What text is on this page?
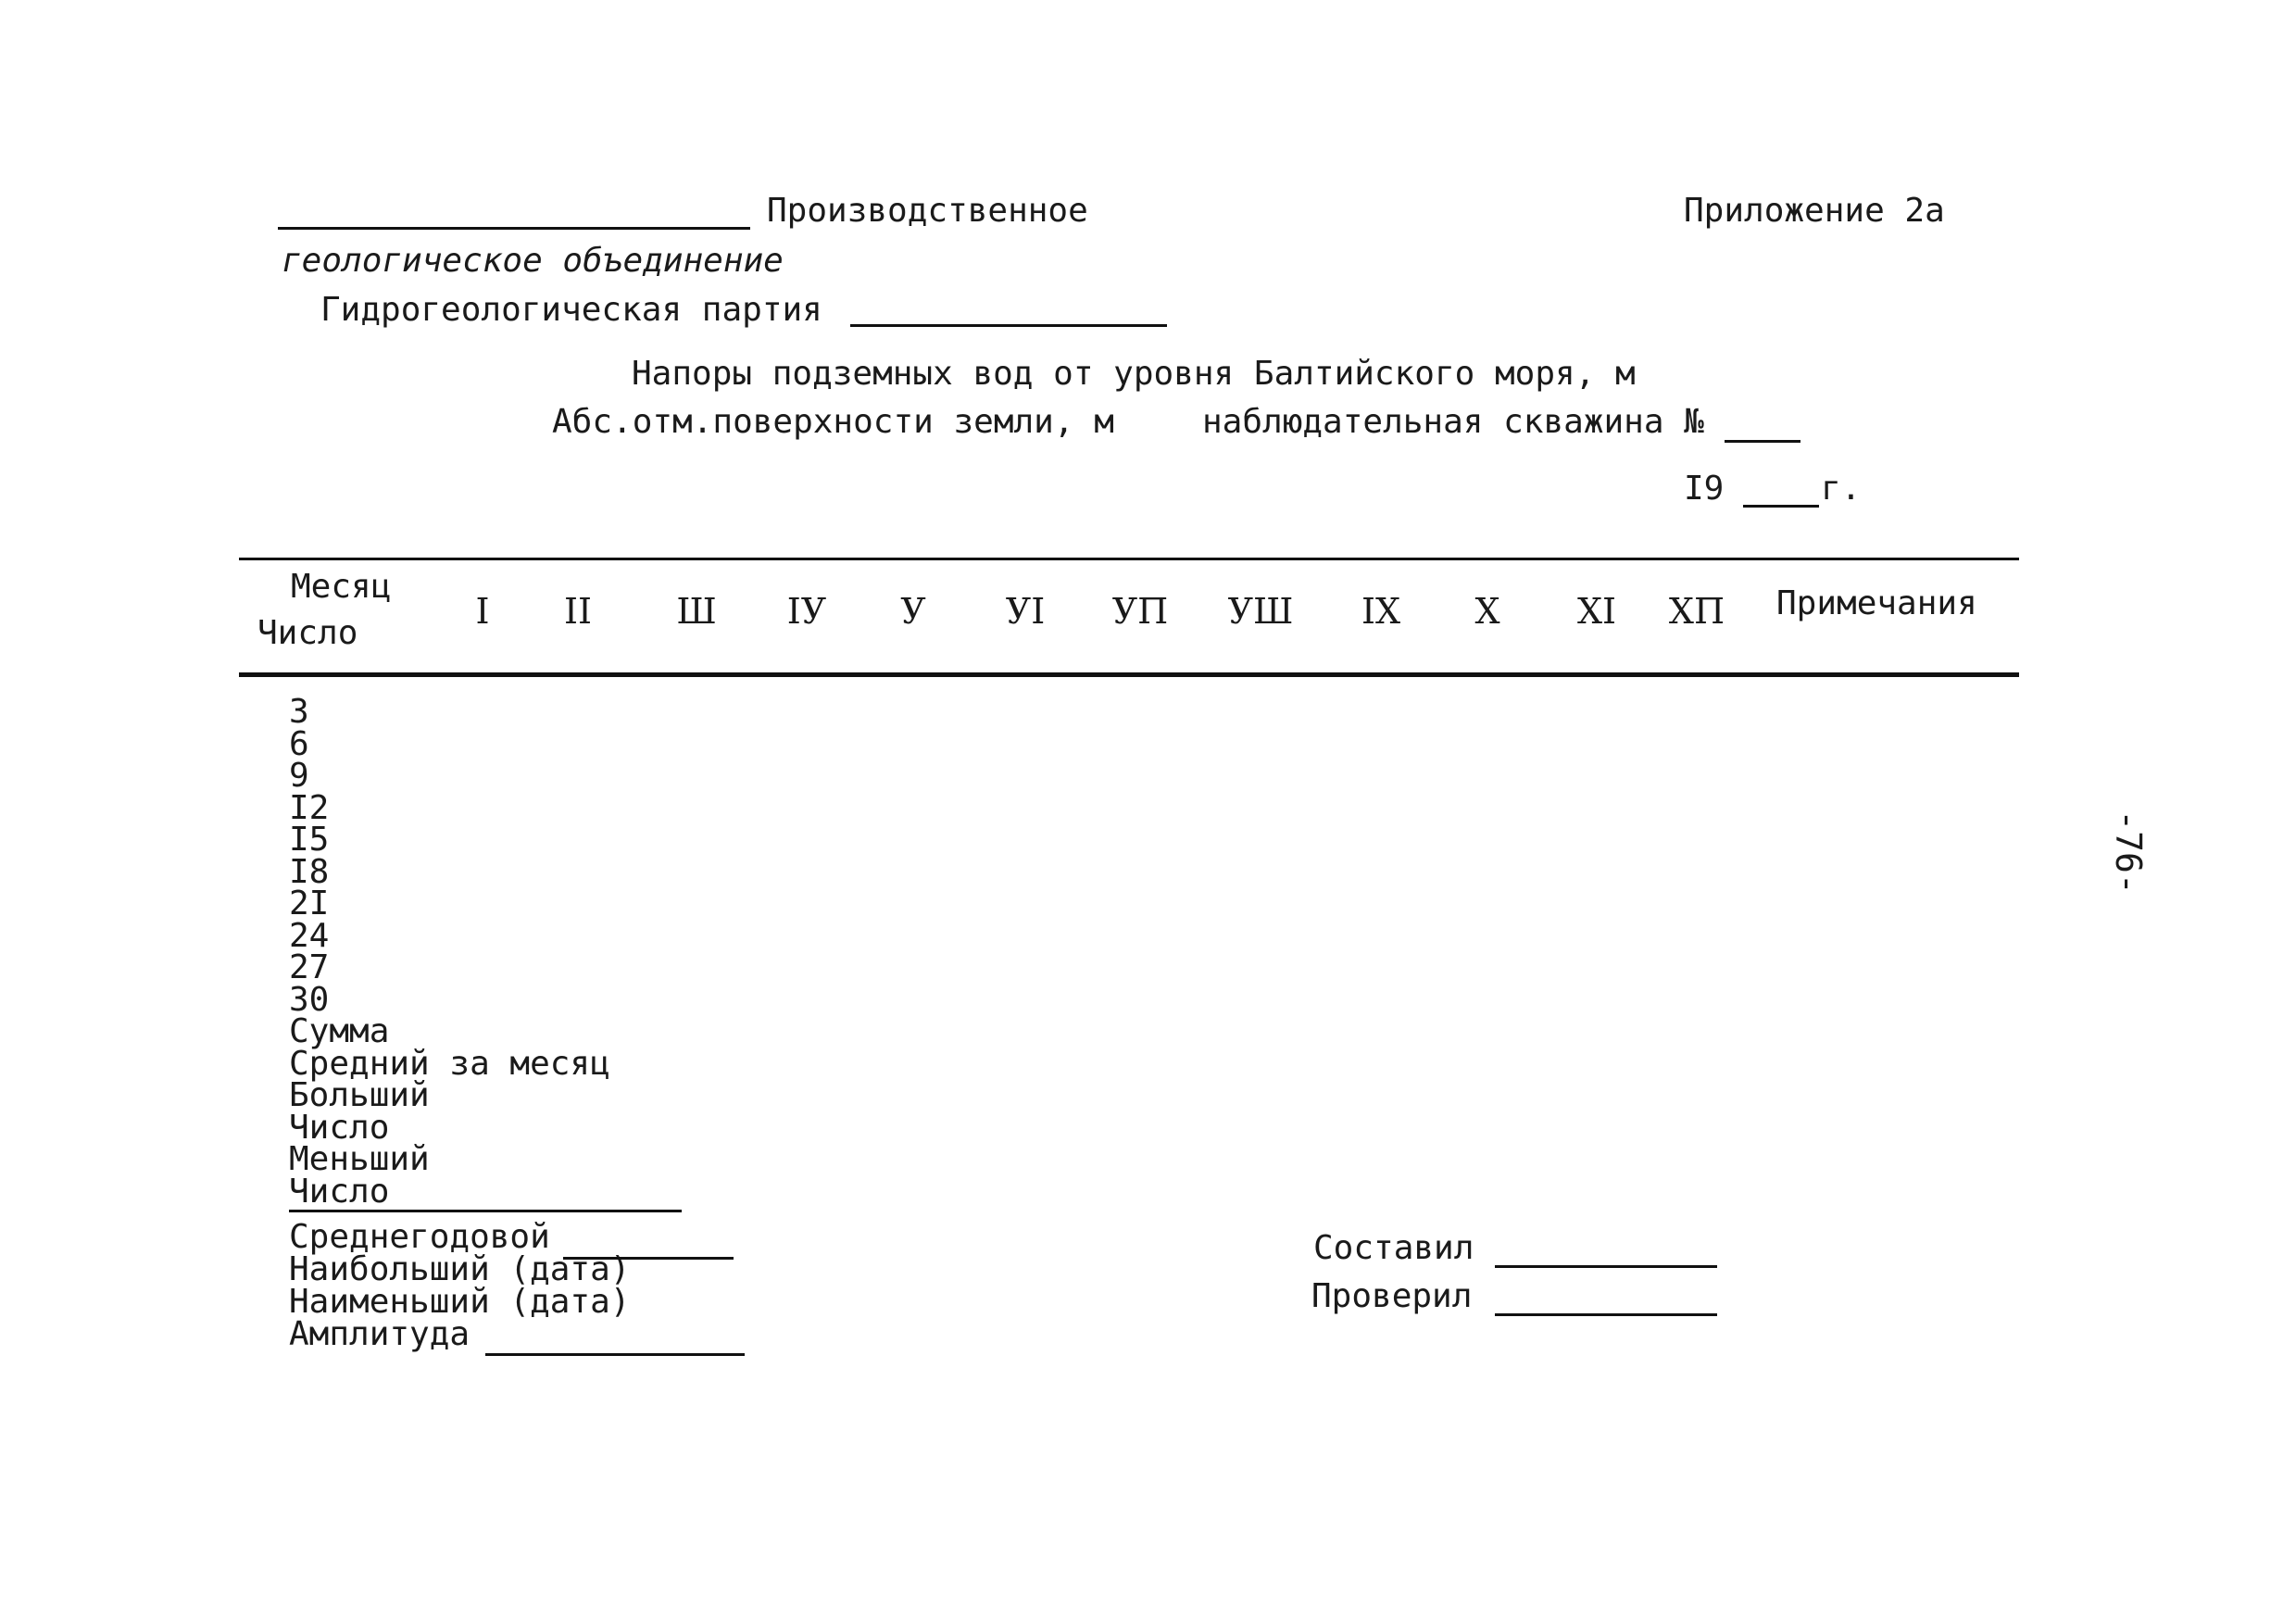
Производственное	Приложение 2а
геологическое объединение
Гидрогеологическая партия
Напоры подземных вод от уровня Балтийского моря, м
Абс.отм.поверхности земли, м	наблюдательная скважина №
I9	г.
Месяц
Число
I	II	Ш	IУ	У	УI	УП	УШ	IX	X	XI	XП	Примечания
3
6
9
I2
I5
I8
2I
24
27
30
Сумма
Средний за месяц
Больший
Число
Меньший
Число
Среднегодовой
Наибольший (дата)
Наименьший (дата)
Амплитуда
Составил
Проверил
-76-
